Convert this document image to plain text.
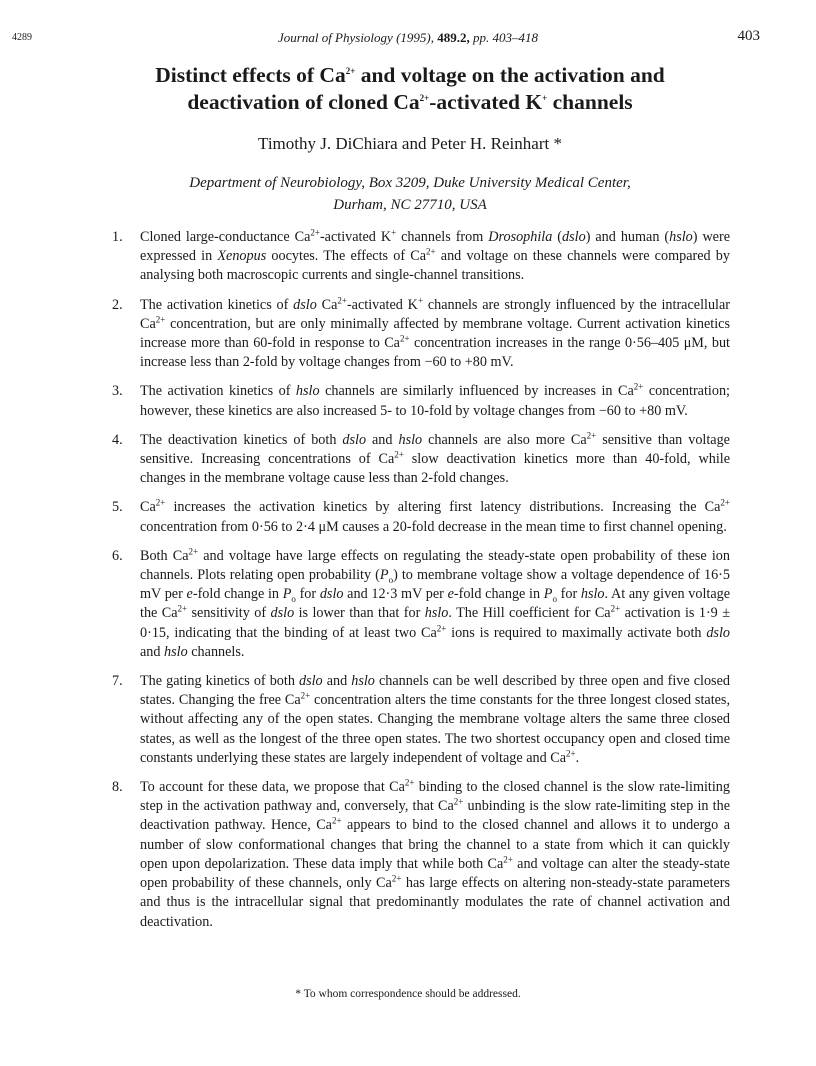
4289	Journal of Physiology (1995), 489.2, pp. 403–418	403
Distinct effects of $Ca^{2+}$ and voltage on the activation and
deactivation of cloned $Ca^{2+}$-activated K+ channels
Timothy J. DiChiara and Peter H. Reinhart *
Department of Neurobiology, Box 3209, Duke University Medical Center,
Durham, NC 27710, USA
1. Cloned large-conductance $Ca^{2+}$-activated K+ channels from Drosophila (dslo) and human (hslo) were expressed in Xenopus oocytes. The effects of $Ca^{2+}$ and voltage on these channels were compared by analysing both macroscopic currents and single-channel transitions.
2. The activation kinetics of dslo $Ca^{2+}$-activated K+ channels are strongly influenced by the intracellular $Ca^{2+}$ concentration, but are only minimally affected by membrane voltage. Current activation kinetics increase more than 60-fold in response to $Ca^{2+}$ concentration increases in the range 0·56–405 μM, but increase less than 2-fold by voltage changes from −60 to +80 mV.
3. The activation kinetics of hslo channels are similarly influenced by increases in $Ca^{2+}$ concentration; however, these kinetics are also increased 5- to 10-fold by voltage changes from −60 to +80 mV.
4. The deactivation kinetics of both dslo and hslo channels are also more $Ca^{2+}$ sensitive than voltage sensitive. Increasing concentrations of $Ca^{2+}$ slow deactivation kinetics more than 40-fold, while changes in the membrane voltage cause less than 2-fold changes.
5. $Ca^{2+}$ increases the activation kinetics by altering first latency distributions. Increasing the $Ca^{2+}$ concentration from 0·56 to 2·4 μM causes a 20-fold decrease in the mean time to first channel opening.
6. Both $Ca^{2+}$ and voltage have large effects on regulating the steady-state open probability of these ion channels. Plots relating open probability $(P_o)$ to membrane voltage show a voltage dependence of 16·5 mV per e-fold change in $P_o$ for dslo and 12·3 mV per e-fold change in $P_o$ for hslo. At any given voltage the $Ca^{2+}$ sensitivity of dslo is lower than that for hslo. The Hill coefficient for $Ca^{2+}$ activation is 1·9 ± 0·15, indicating that the binding of at least two $Ca^{2+}$ ions is required to maximally activate both dslo and hslo channels.
7. The gating kinetics of both dslo and hslo channels can be well described by three open and five closed states. Changing the free $Ca^{2+}$ concentration alters the time constants for the three longest closed states, without affecting any of the open states. Changing the membrane voltage alters the same three closed states, as well as the longest of the three open states. The two shortest occupancy open and closed time constants underlying these states are largely independent of voltage and $Ca^{2+}$.
8. To account for these data, we propose that $Ca^{2+}$ binding to the closed channel is the slow rate-limiting step in the activation pathway and, conversely, that $Ca^{2+}$ unbinding is the slow rate-limiting step in the deactivation pathway. Hence, $Ca^{2+}$ appears to bind to the closed channel and allows it to undergo a number of slow conformational changes that bring the channel to a state from which it can quickly open upon depolarization. These data imply that while both $Ca^{2+}$ and voltage can alter the steady-state open probability of these channels, only $Ca^{2+}$ has large effects on altering non-steady-state parameters and thus is the intracellular signal that predominantly modulates the rate of channel activation and deactivation.
* To whom correspondence should be addressed.
